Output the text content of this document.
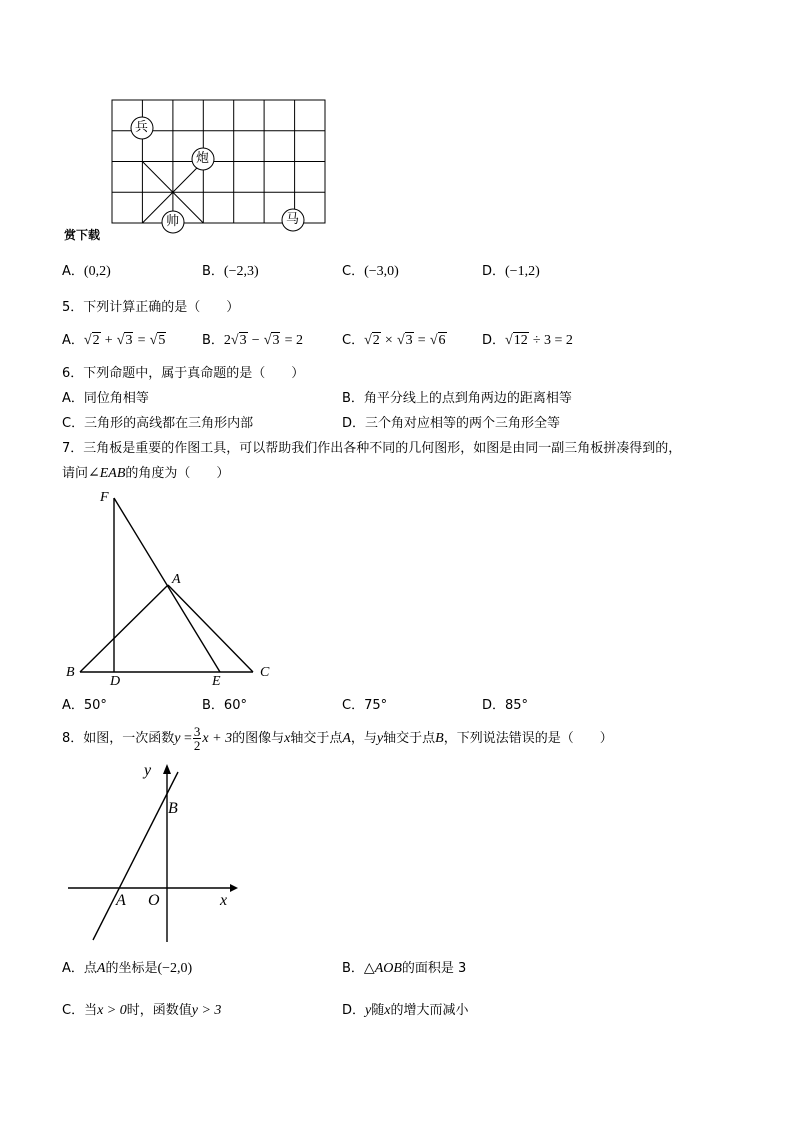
兵
炮
帅	马
赏下载
A．(0,2)	B．(−2,3)	C．(−3,0)	D．(−1,2)
5．下列计算正确的是（　　）
A．√2 + √3 = √5	B．2√3 − √3 = 2	C．√2 × √3 = √6	D．√12 ÷ 3 = 2
6．下列命题中，属于真命题的是（　　）
A．同位角相等	B．角平分线上的点到角两边的距离相等
C．三角形的高线都在三角形内部	D．三个角对应相等的两个三角形全等
7．三角板是重要的作图工具，可以帮助我们作出各种不同的几何图形，如图是由同一副三角板拼凑得到的，
请问∠EAB的角度为（　　）
F
A
B
D	E
C
A．50°	B．60°	C．75°	D．85°
8．如图，一次函数$y = \frac{3}{2}$ x + 3的图像与x轴交于点A，与y轴交于点B，下列说法错误的是（　　）
y
B
A O	x
A．点A的坐标是(−2,0)	B．△AOB的面积是 3
C．当x > 0时，函数值y > 3	D．y随x的增大而减小
